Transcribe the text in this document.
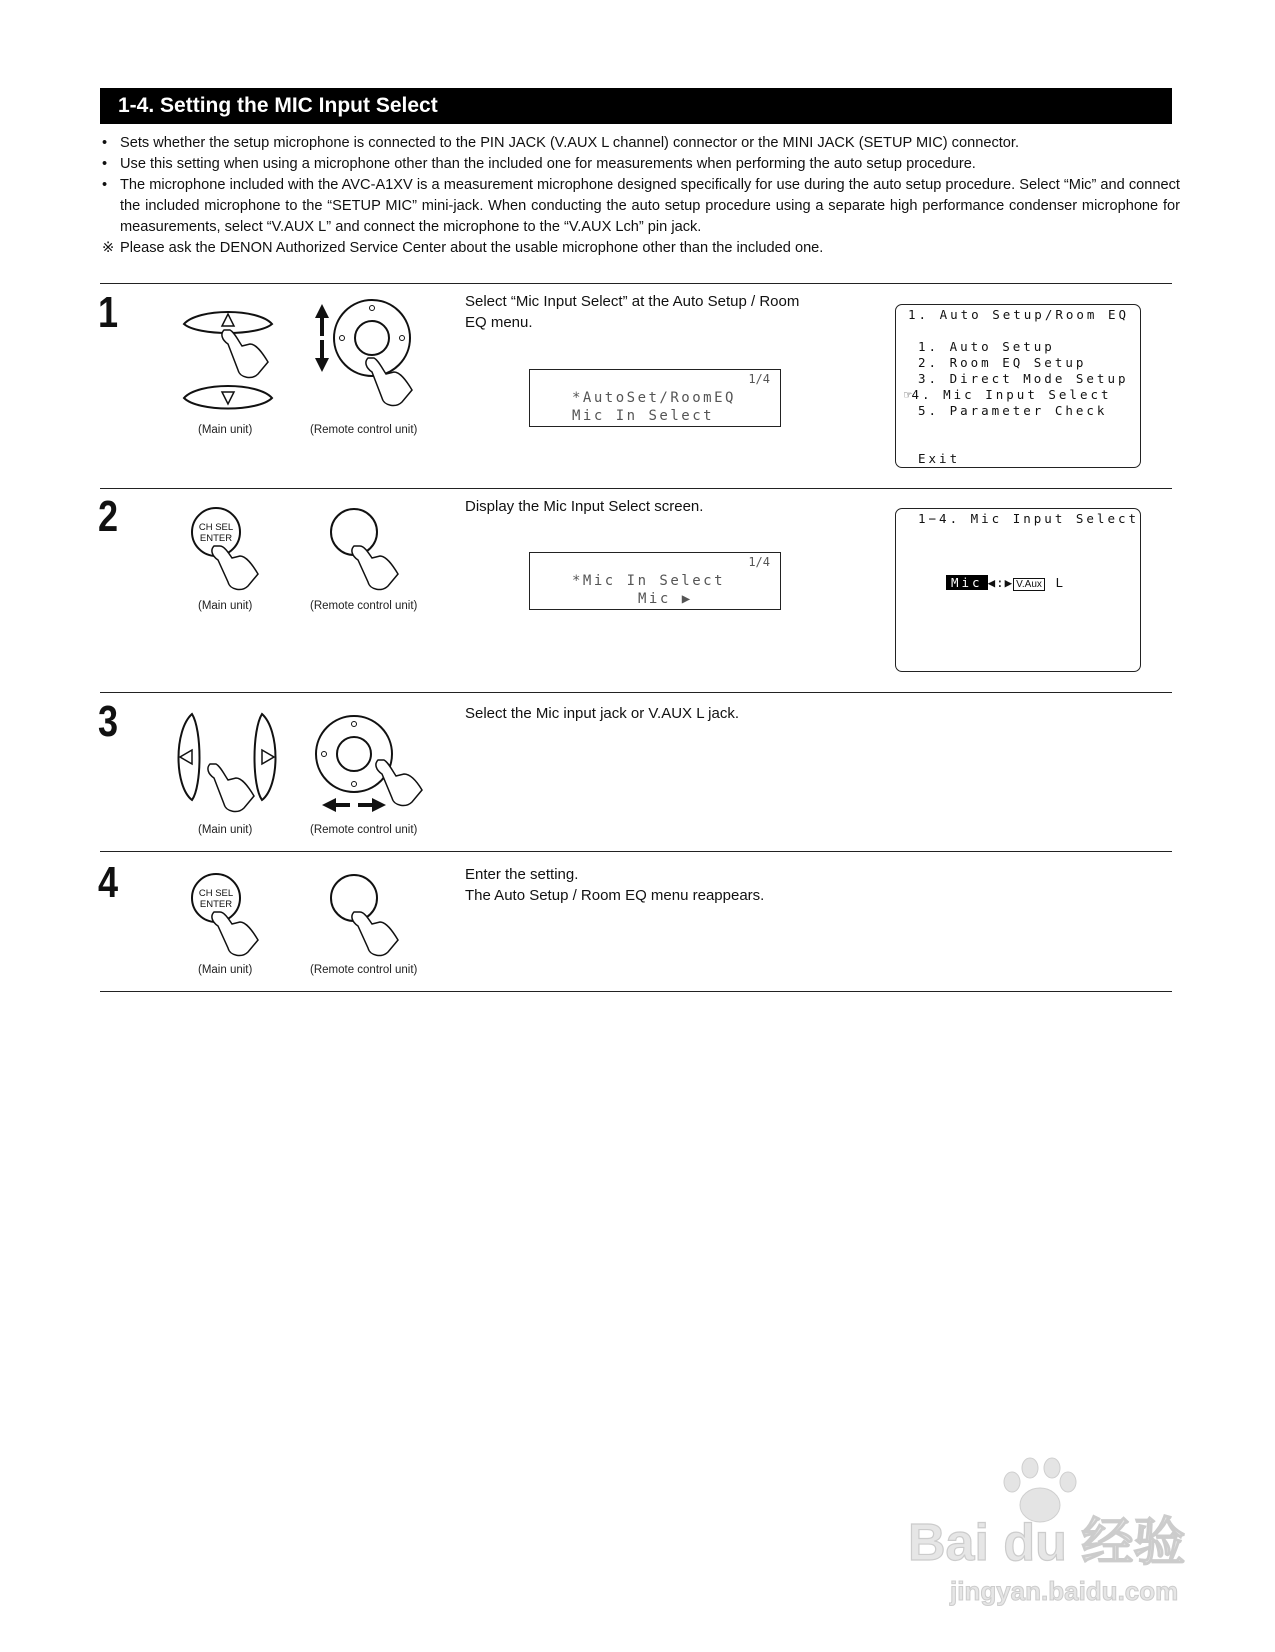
1-4. Setting the MIC Input Select
• Sets whether the setup microphone is connected to the PIN JACK (V.AUX L channel) connector or the MINI JACK (SETUP MIC) connector.
• Use this setting when using a microphone other than the included one for measurements when performing the auto setup procedure.
• The microphone included with the AVC-A1XV is a measurement microphone designed specifically for use during the auto setup procedure. Select “Mic” and connect the included microphone to the “SETUP MIC” mini-jack. When conducting the auto setup procedure using a separate high performance condenser microphone for measurements, select “V.AUX L” and connect the microphone to the “V.AUX Lch” pin jack.
※ Please ask the DENON Authorized Service Center about the usable microphone other than the included one.
1
(Main unit)	(Remote control unit)
Select “Mic Input Select” at the Auto Setup / Room
EQ menu.
1/4
*AutoSet/RoomEQ
Mic In Select
1. Auto Setup/Room EQ
1. Auto Setup
2. Room EQ Setup
3. Direct Mode Setup
☞4. Mic Input Select
5. Parameter Check
Exit
2	CH SEL
ENTER
(Main unit)	(Remote control unit)
Display the Mic Input Select screen.
1/4
*Mic In Select
Mic ▶
1−4. Mic Input Select
Mic ◀:▶ V.Aux L
3
(Main unit)	(Remote control unit)
Select the Mic input jack or V.AUX L jack.
4	CH SEL
ENTER
(Main unit)	(Remote control unit)
Enter the setting.
The Auto Setup / Room EQ menu reappears.
Bai du 经验
jingyan.baidu.com
